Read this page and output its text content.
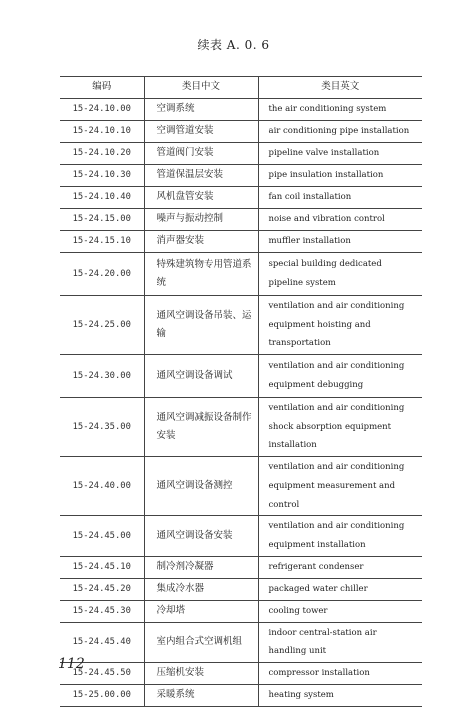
续表 A. 0. 6
编码	类目中文	类目英文
15-24.10.00	空调系统	the air conditioning system
15-24.10.10	空调管道安装	air conditioning pipe installation
15-24.10.20	管道阀门安装	pipeline valve installation
15-24.10.30	管道保温层安装	pipe insulation installation
15-24.10.40	风机盘管安装	fan coil installation
15-24.15.00	噪声与振动控制	noise and vibration control
15-24.15.10	消声器安装	muffler installation
15-24.20.00	特殊建筑物专用管道系统	special building dedicated pipeline system
15-24.25.00	通风空调设备吊装、运输	ventilation and air conditioning equipment hoisting and transportation
15-24.30.00	通风空调设备调试	ventilation and air conditioning equipment debugging
15-24.35.00	通风空调减振设备制作安装	ventilation and air conditioning shock absorption equipment installation
15-24.40.00	通风空调设备测控	ventilation and air conditioning equipment measurement and control
15-24.45.00	通风空调设备安装	ventilation and air conditioning equipment installation
15-24.45.10	制冷剂冷凝器	refrigerant condenser
15-24.45.20	集成冷水器	packaged water chiller
15-24.45.30	冷却塔	cooling tower
15-24.45.40	室内组合式空调机组	indoor central-station air handling unit
15-24.45.50	压缩机安装	compressor installation
15-25.00.00	采暖系统	heating system
112
